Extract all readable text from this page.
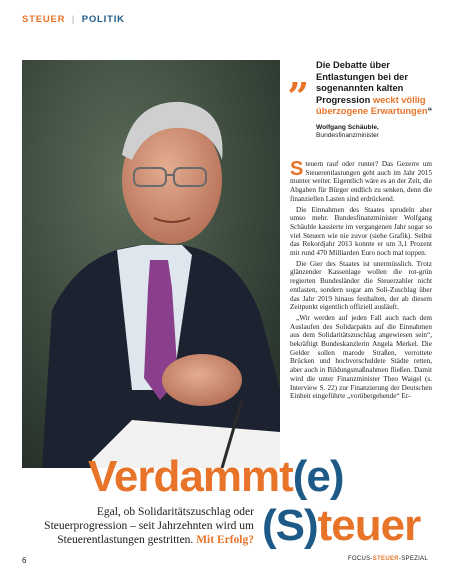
STEUER | POLITIK
„ Die Debatte über Entlastungen bei der sogenannten kalten Progression weckt völlig überzogene Erwartungen“
Wolfgang Schäuble,
Bundesfinanzminister

Steuern rauf oder runter? Das Gezerre um Steuerentlastungen geht auch im Jahr 2015 munter weiter. Eigentlich wäre es an der Zeit, die Abgaben für Bürger endlich zu senken, denn die finanziellen Lasten sind erdrückend.

Die Einnahmen des Staates sprudeln aber umso mehr. Bundesfinanzminister Wolfgang Schäuble kassierte im vergangenen Jahr sogar so viel Steuern wie nie zuvor (siehe Grafik). Selbst das Rekordjahr 2013 konnte er um 3,1 Prozent mit rund 470 Milliarden Euro noch mal toppen.

Die Gier des Staates ist unermüsslich. Trotz glänzender Kassenlage wollen die rot-grün regierten Bundesländer die Steuerzahler nicht entlasten, sondern sogar am Soli-Zuschlag über das Jahr 2019 hinaus festhalten, der ab diesem Zeitpunkt eigentlich offiziell ausläuft.

„Wir werden auf jeden Fall auch nach dem Auslaufen des Solidarpakts auf die Einnahmen aus dem Solidaritätszuschlag angewiesen sein“, bekräftigt Bundeskanzlerin Angela Merkel. Die Gelder sollen marode Straßen, verrottete Brücken und hochverschuldete Städte retten, aber auch in Bildungsmaßnahmen fließen. Damit wird die unter Finanzminister Theo Waigel (s. Interview S. 22) zur Finanzierung der Deutschen Einheit eingeführte „vorübergehende“ Er-

Verdammt(e)
(S)teuer
Egal, ob Solidaritätszuschlag oder Steuerprogression – seit Jahrzehnten wird um Steuerentlastungen gestritten. Mit Erfolg?
6	FOCUS-STEUER-SPEZIAL
